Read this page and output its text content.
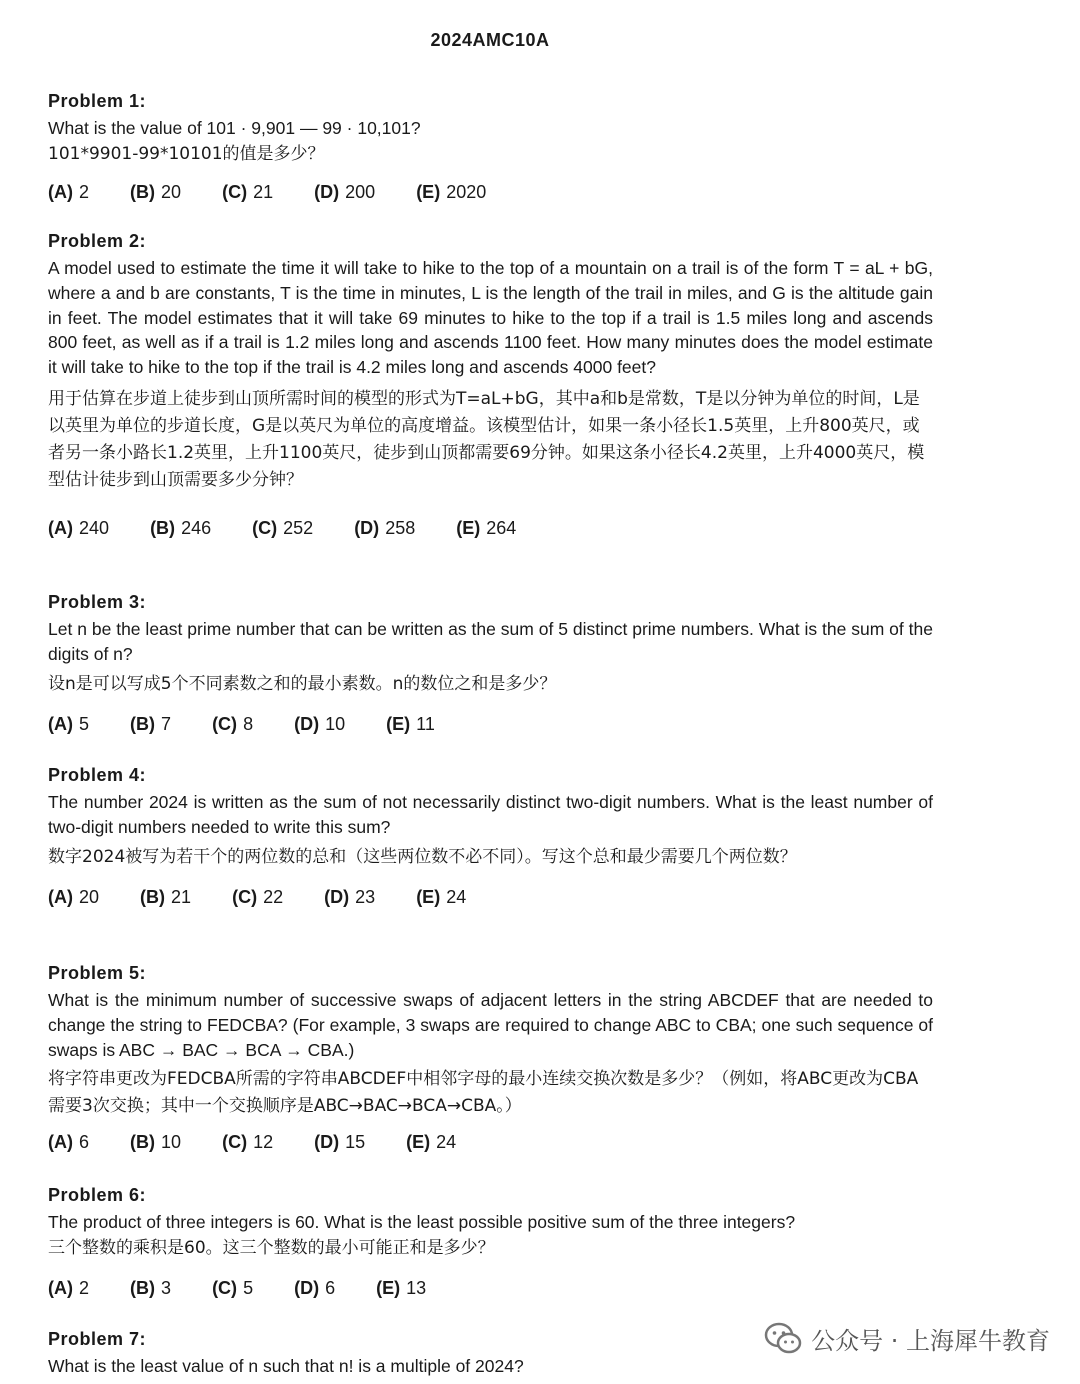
2024AMC10A
Problem 1:
What is the value of 101 · 9,901 — 99 · 10,101?
101*9901-99*10101的值是多少？
(A) 2 (B) 20 (C) 21 (D) 200 (E) 2020
Problem 2:
A model used to estimate the time it will take to hike to the top of a mountain on a trail is of the form T = aL + bG, where a and b are constants, T is the time in minutes, L is the length of the trail in miles, and G is the altitude gain in feet. The model estimates that it will take 69 minutes to hike to the top if a trail is 1.5 miles long and ascends 800 feet, as well as if a trail is 1.2 miles long and ascends 1100 feet. How many minutes does the model estimate it will take to hike to the top if the trail is 4.2 miles long and ascends 4000 feet?
用于估算在步道上徒步到山顶所需时间的模型的形式为T=aL+bG，其中a和b是常数，T是以分钟为单位的时间，L是以英里为单位的步道长度，G是以英尺为单位的高度增益。该模型估计，如果一条小径长1.5英里，上升800英尺，或者另一条小路长1.2英里，上升1100英尺，徒步到山顶都需要69分钟。如果这条小径长4.2英里，上升4000英尺，模型估计徒步到山顶需要多少分钟？
(A) 240 (B) 246 (C) 252 (D) 258 (E) 264
Problem 3:
Let n be the least prime number that can be written as the sum of 5 distinct prime numbers. What is the sum of the digits of n?
设n是可以写成5个不同素数之和的最小素数。n的数位之和是多少？
(A) 5 (B) 7 (C) 8 (D) 10 (E) 11
Problem 4:
The number 2024 is written as the sum of not necessarily distinct two-digit numbers. What is the least number of two-digit numbers needed to write this sum?
数字2024被写为若干个的两位数的总和（这些两位数不必不同）。写这个总和最少需要几个两位数？
(A) 20 (B) 21 (C) 22 (D) 23 (E) 24
Problem 5:
What is the minimum number of successive swaps of adjacent letters in the string ABCDEF that are needed to change the string to FEDCBA? (For example, 3 swaps are required to change ABC to CBA; one such sequence of swaps is ABC → BAC → BCA → CBA.)
将字符串更改为FEDCBA所需的字符串ABCDEF中相邻字母的最小连续交换次数是多少？（例如，将ABC更改为CBA需要3次交换；其中一个交换顺序是ABC→BAC→BCA→CBA。）
(A) 6 (B) 10 (C) 12 (D) 15 (E) 24
Problem 6:
The product of three integers is 60. What is the least possible positive sum of the three integers?
三个整数的乘积是60。这三个整数的最小可能正和是多少？
(A) 2 (B) 3 (C) 5 (D) 6 (E) 13
Problem 7:
What is the least value of n such that n! is a multiple of 2024?
公众号 · 上海犀牛教育
